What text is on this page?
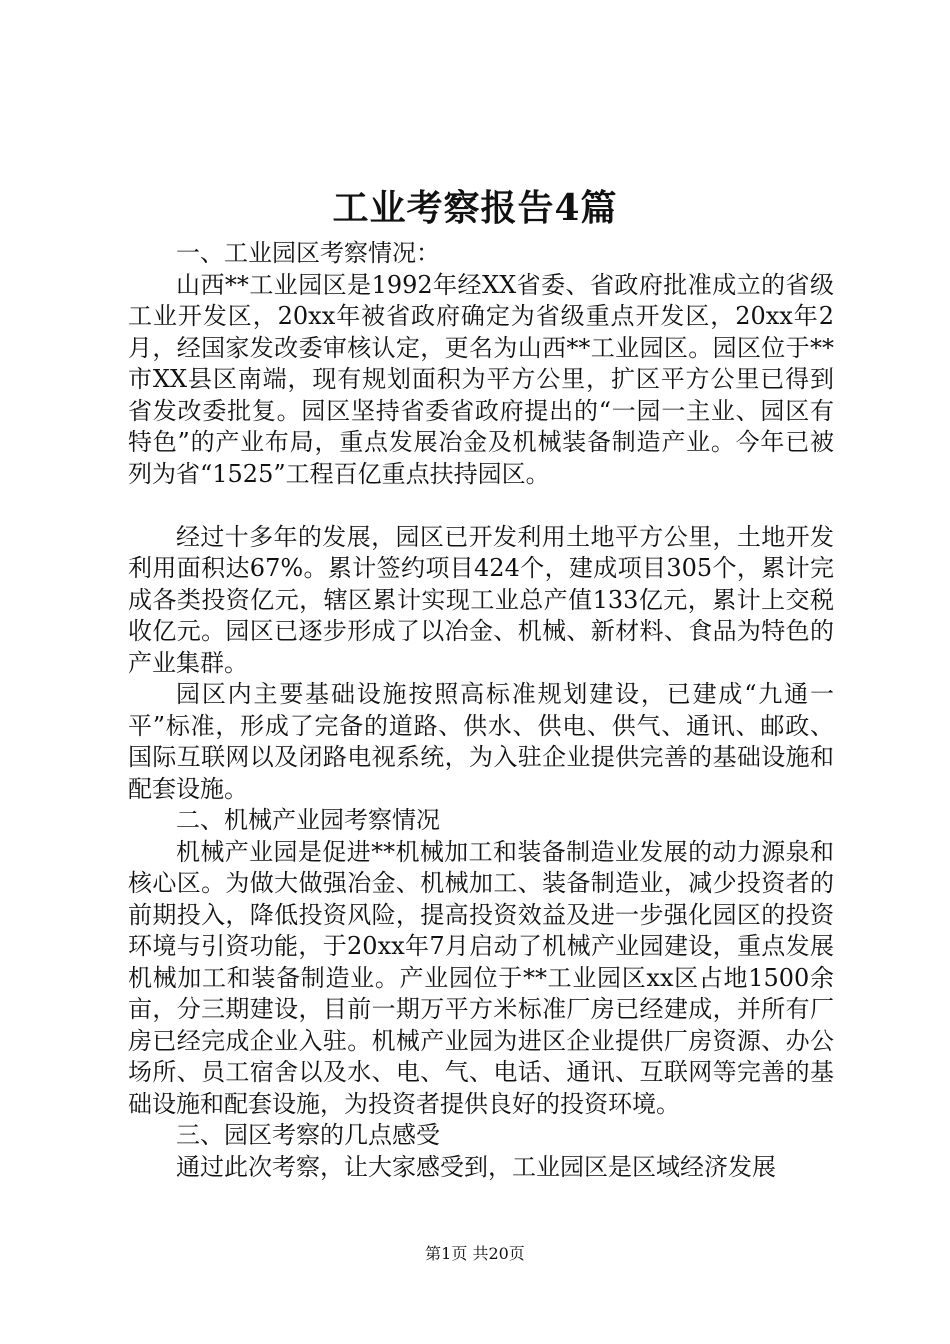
工业考察报告4篇

一、工业园区考察情况：

山西**工业园区是1992年经XX省委、省政府批准成立的省级工业开发区，20xx年被省政府确定为省级重点开发区，20xx年2月，经国家发改委审核认定，更名为山西**工业园区。园区位于**市XX县区南端，现有规划面积为平方公里，扩区平方公里已得到省发改委批复。园区坚持省委省政府提出的“一园一主业、园区有特色”的产业布局，重点发展冶金及机械装备制造产业。今年已被列为省“1525”工程百亿重点扶持园区。

经过十多年的发展，园区已开发利用土地平方公里，土地开发利用面积达67%。累计签约项目424个，建成项目305个，累计完成各类投资亿元，辖区累计实现工业总产值133亿元，累计上交税收亿元。园区已逐步形成了以冶金、机械、新材料、食品为特色的产业集群。

园区内主要基础设施按照高标准规划建设，已建成“九通一平”标准，形成了完备的道路、供水、供电、供气、通讯、邮政、国际互联网以及闭路电视系统，为入驻企业提供完善的基础设施和配套设施。

二、机械产业园考察情况

机械产业园是促进**机械加工和装备制造业发展的动力源泉和核心区。为做大做强冶金、机械加工、装备制造业，减少投资者的前期投入，降低投资风险，提高投资效益及进一步强化园区的投资环境与引资功能，于20xx年7月启动了机械产业园建设，重点发展机械加工和装备制造业。产业园位于**工业园区xx区占地1500余亩，分三期建设，目前一期万平方米标准厂房已经建成，并所有厂房已经完成企业入驻。机械产业园为进区企业提供厂房资源、办公场所、员工宿舍以及水、电、气、电话、通讯、互联网等完善的基础设施和配套设施，为投资者提供良好的投资环境。

三、园区考察的几点感受

通过此次考察，让大家感受到，工业园区是区域经济发展

第1页 共20页
